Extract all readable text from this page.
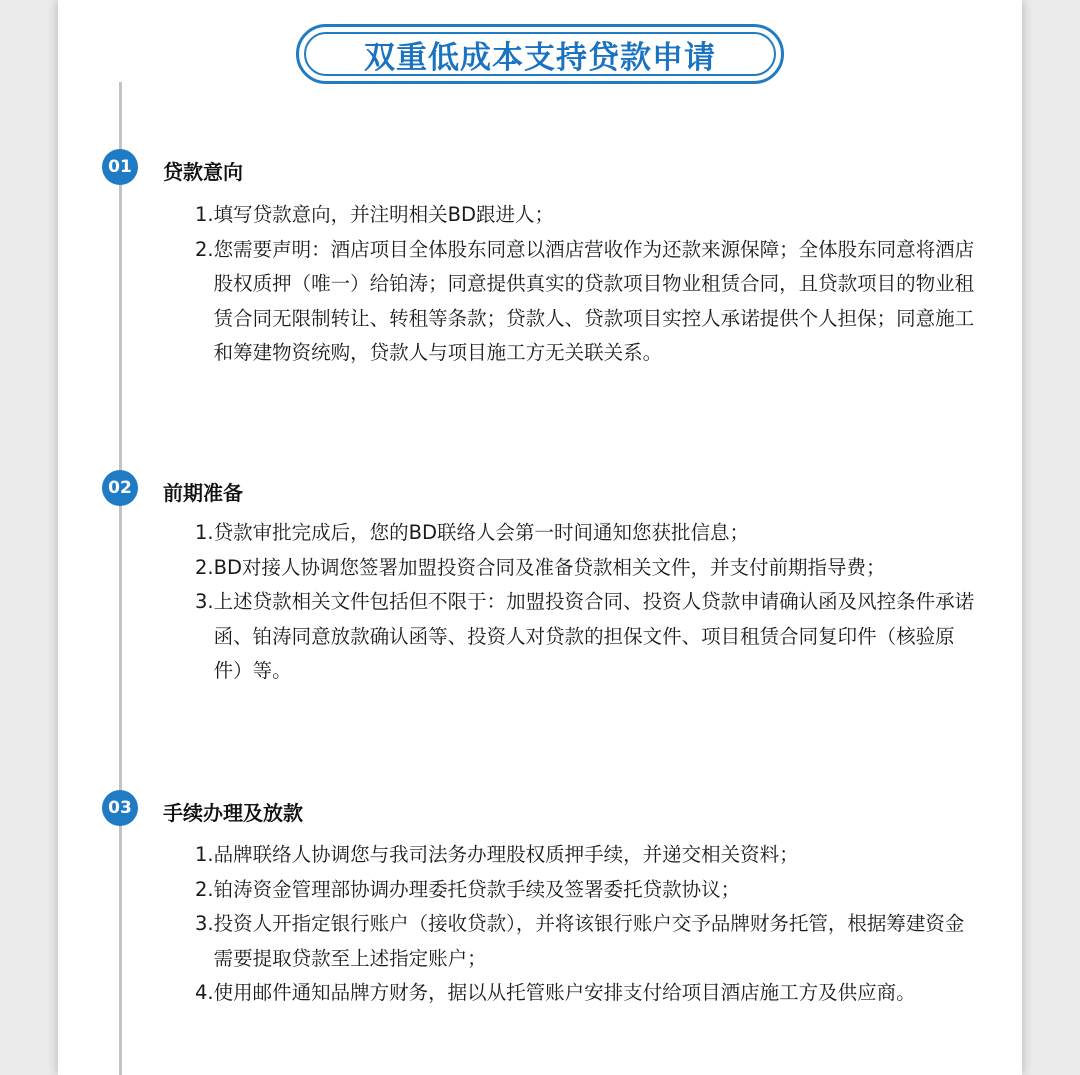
双重低成本支持贷款申请
01	贷款意向
1. 填写贷款意向，并注明相关BD跟进人；
2. 您需要声明：酒店项目全体股东同意以酒店营收作为还款来源保障；全体股东同意将酒店股权质押（唯一）给铂涛；同意提供真实的贷款项目物业租赁合同，且贷款项目的物业租赁合同无限制转让、转租等条款；贷款人、贷款项目实控人承诺提供个人担保；同意施工和筹建物资统购，贷款人与项目施工方无关联关系。
02	前期准备
1. 贷款审批完成后，您的BD联络人会第一时间通知您获批信息；
2. BD对接人协调您签署加盟投资合同及准备贷款相关文件，并支付前期指导费；
3. 上述贷款相关文件包括但不限于：加盟投资合同、投资人贷款申请确认函及风控条件承诺函、铂涛同意放款确认函等、投资人对贷款的担保文件、项目租赁合同复印件（核验原件）等。
03	手续办理及放款
1. 品牌联络人协调您与我司法务办理股权质押手续，并递交相关资料；
2. 铂涛资金管理部协调办理委托贷款手续及签署委托贷款协议；
3. 投资人开指定银行账户（接收贷款），并将该银行账户交予品牌财务托管，根据筹建资金需要提取贷款至上述指定账户；
4. 使用邮件通知品牌方财务，据以从托管账户安排支付给项目酒店施工方及供应商。
